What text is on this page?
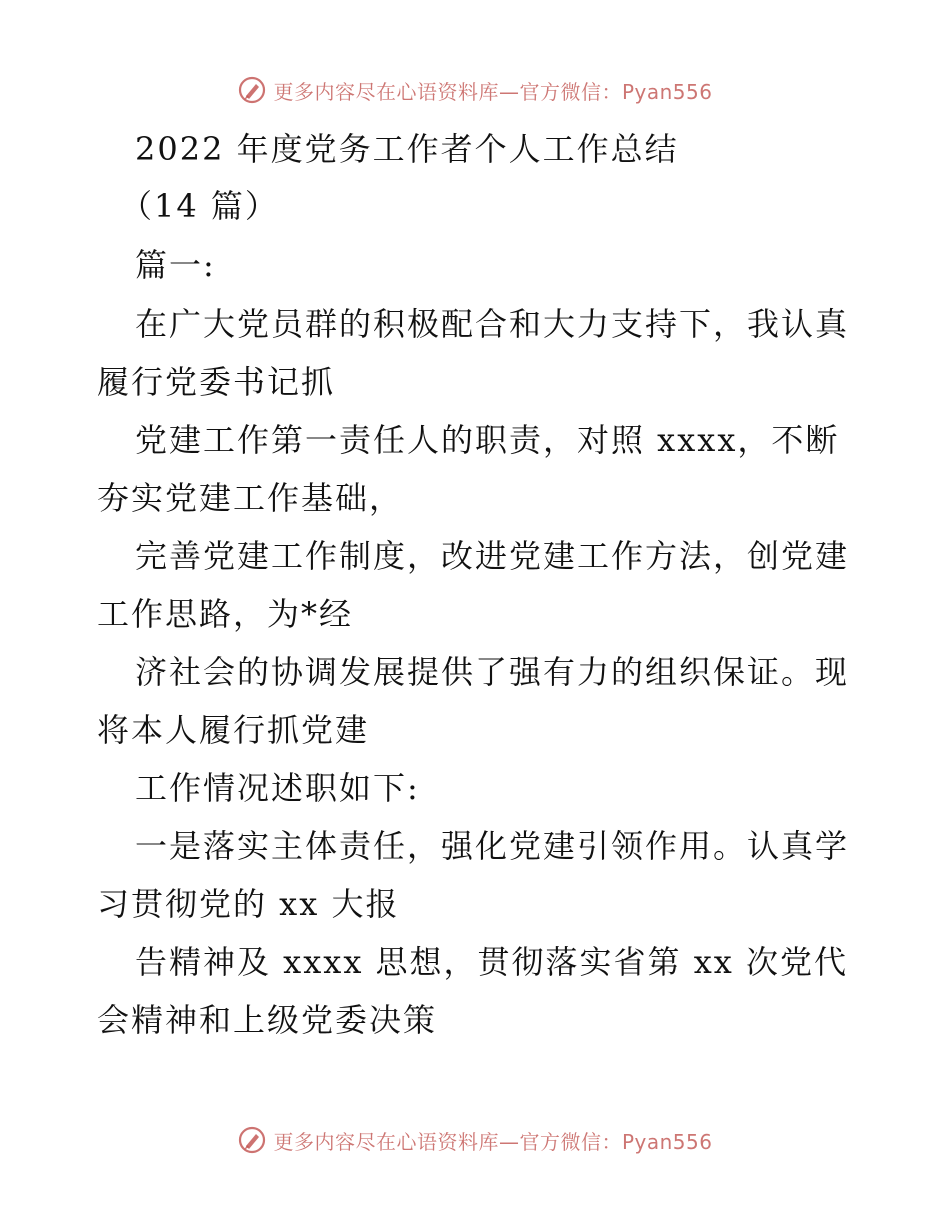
更多内容尽在心语资料库—官方微信：Pyan556
2022 年度党务工作者个人工作总结
（14 篇）
篇一:
在广大党员群的积极配合和大力支持下，我认真
履行党委书记抓
党建工作第一责任人的职责，对照 xxxx，不断
夯实党建工作基础，
完善党建工作制度，改进党建工作方法，创党建
工作思路，为*经
济社会的协调发展提供了强有力的组织保证。现
将本人履行抓党建
工作情况述职如下:
一是落实主体责任，强化党建引领作用。认真学
习贯彻党的 xx 大报
告精神及 xxxx 思想，贯彻落实省第 xx 次党代
会精神和上级党委决策
更多内容尽在心语资料库—官方微信：Pyan556
